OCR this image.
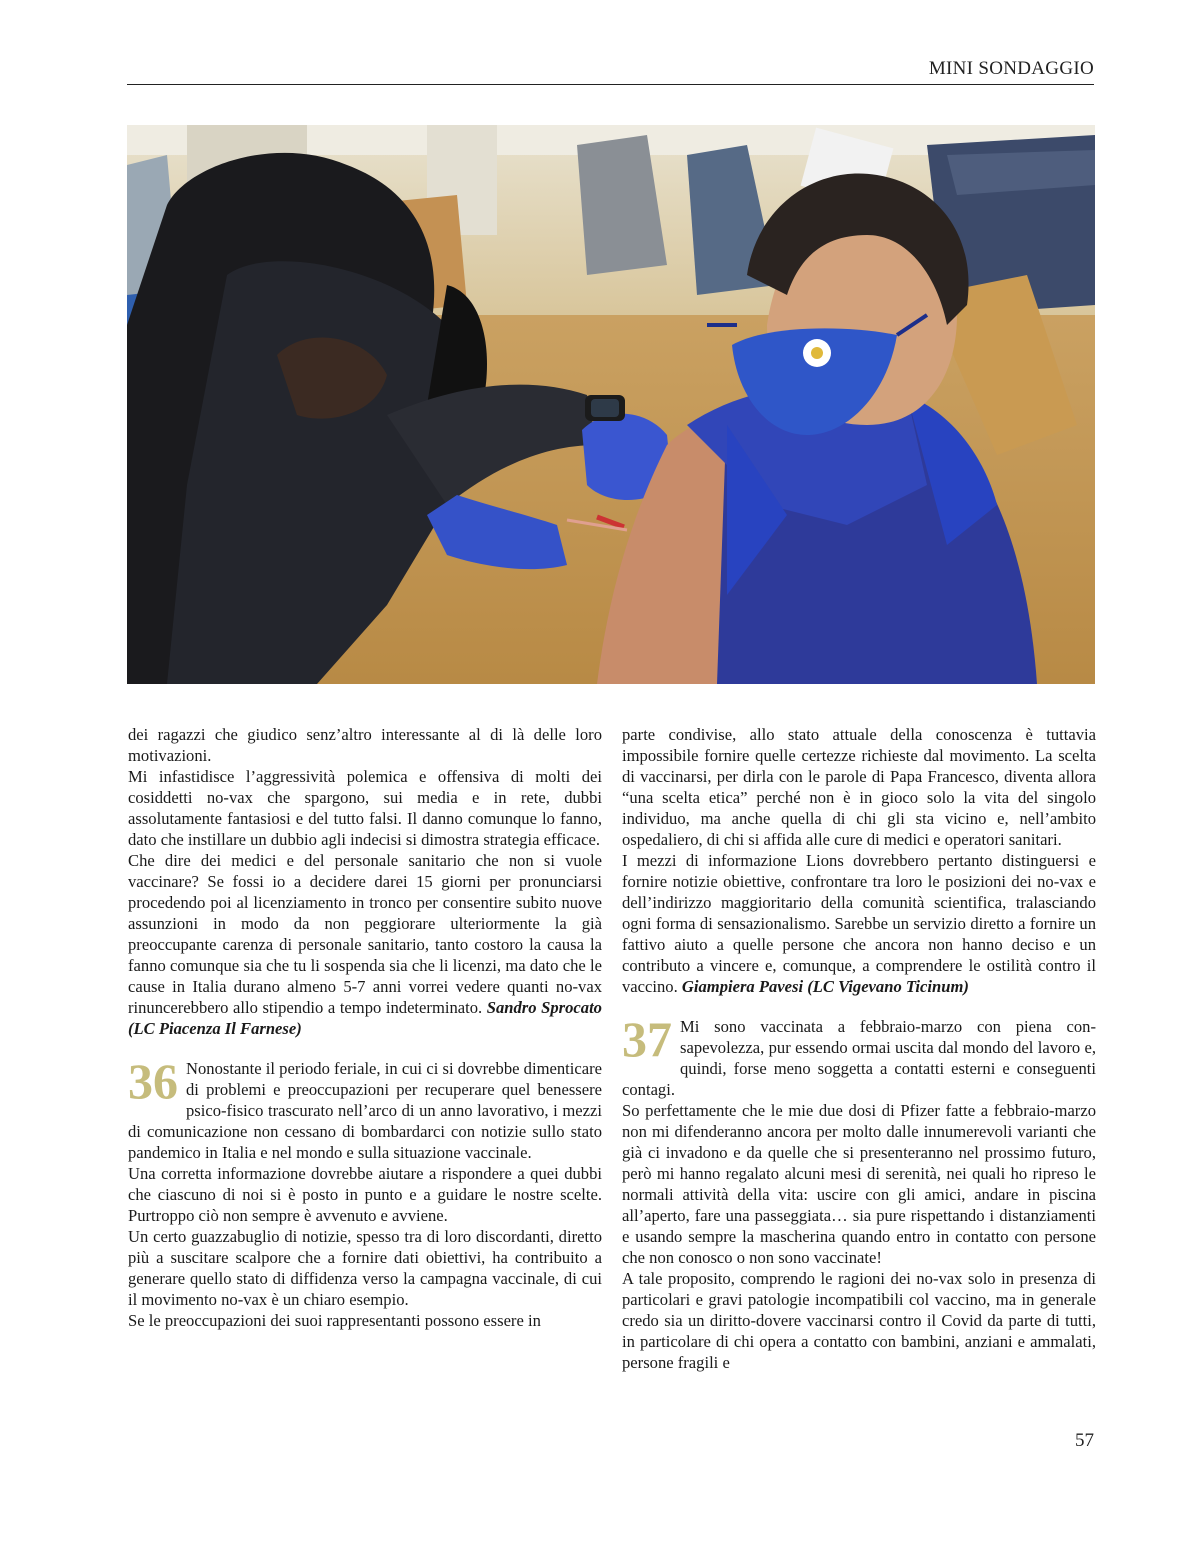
MINI SONDAGGIO

dei ragazzi che giudico senz’altro interessante al di là delle loro motivazioni.

Mi infastidisce l’aggressività polemica e offensiva di molti dei cosiddetti no-vax che spargono, sui media e in rete, dubbi assolutamente fantasiosi e del tutto falsi. Il danno comunque lo fanno, dato che instillare un dubbio agli indecisi si dimostra strategia efficace.

Che dire dei medici e del personale sanitario che non si vuole vaccinare? Se fossi io a decidere darei 15 giorni per pronunciarsi procedendo poi al licenziamento in tronco per consentire subito nuove assunzioni in modo da non peggiorare ulteriormente la già preoccupante carenza di personale sanitario, tanto costoro la causa la fanno comunque sia che tu li sospenda sia che li licenzi, ma dato che le cause in Italia durano almeno 5-7 anni vorrei vedere quanti no-vax rinuncerebbero allo stipendio a tempo indeterminato. Sandro Sprocato (LC Piacenza Il Farnese)

36 Nonostante il periodo feriale, in cui ci si dovrebbe dimenticare di problemi e preoccupazioni per recuperare quel benessere psico-fisico trascurato nell’arco di un anno lavorativo, i mezzi di comunicazione non cessano di bombardarci con notizie sullo stato pandemico in Italia e nel mondo e sulla situazione vaccinale.

Una corretta informazione dovrebbe aiutare a rispondere a quei dubbi che ciascuno di noi si è posto in punto e a guidare le nostre scelte. Purtroppo ciò non sempre è avvenuto e avviene.

Un certo guazzabuglio di notizie, spesso tra di loro discordanti, diretto più a suscitare scalpore che a fornire dati obiettivi, ha contribuito a generare quello stato di diffidenza verso la campagna vaccinale, di cui il movimento no-vax è un chiaro esempio.

Se le preoccupazioni dei suoi rappresentanti possono essere in

parte condivise, allo stato attuale della conoscenza è tuttavia impossibile fornire quelle certezze richieste dal movimento. La scelta di vaccinarsi, per dirla con le parole di Papa Francesco, diventa allora “una scelta etica” perché non è in gioco solo la vita del singolo individuo, ma anche quella di chi gli sta vicino e, nell’ambito ospedaliero, di chi si affida alle cure di medici e operatori sanitari.

I mezzi di informazione Lions dovrebbero pertanto distinguersi e fornire notizie obiettive, confrontare tra loro le posizioni dei no-vax e dell’indirizzo maggioritario della comunità scientifica, tralasciando ogni forma di sensazionalismo. Sarebbe un servizio diretto a fornire un fattivo aiuto a quelle persone che ancora non hanno deciso e un contributo a vincere e, comunque, a comprendere le ostilità contro il vaccino. Giampiera Pavesi (LC Vigevano Ticinum)

37 Mi sono vaccinata a febbraio-marzo con piena consapevolezza, pur essendo ormai uscita dal mondo del lavoro e, quindi, forse meno soggetta a contatti esterni e conseguenti contagi.

So perfettamente che le mie due dosi di Pfizer fatte a febbraio-marzo non mi difenderanno ancora per molto dalle innumerevoli varianti che già ci invadono e da quelle che si presenteranno nel prossimo futuro, però mi hanno regalato alcuni mesi di serenità, nei quali ho ripreso le normali attività della vita: uscire con gli amici, andare in piscina all’aperto, fare una passeggiata… sia pure rispettando i distanziamenti e usando sempre la mascherina quando entro in contatto con persone che non conosco o non sono vaccinate!

A tale proposito, comprendo le ragioni dei no-vax solo in presenza di particolari e gravi patologie incompatibili col vaccino, ma in generale credo sia un diritto-dovere vaccinarsi contro il Covid da parte di tutti, in particolare di chi opera a contatto con bambini, anziani e ammalati, persone fragili e

57
